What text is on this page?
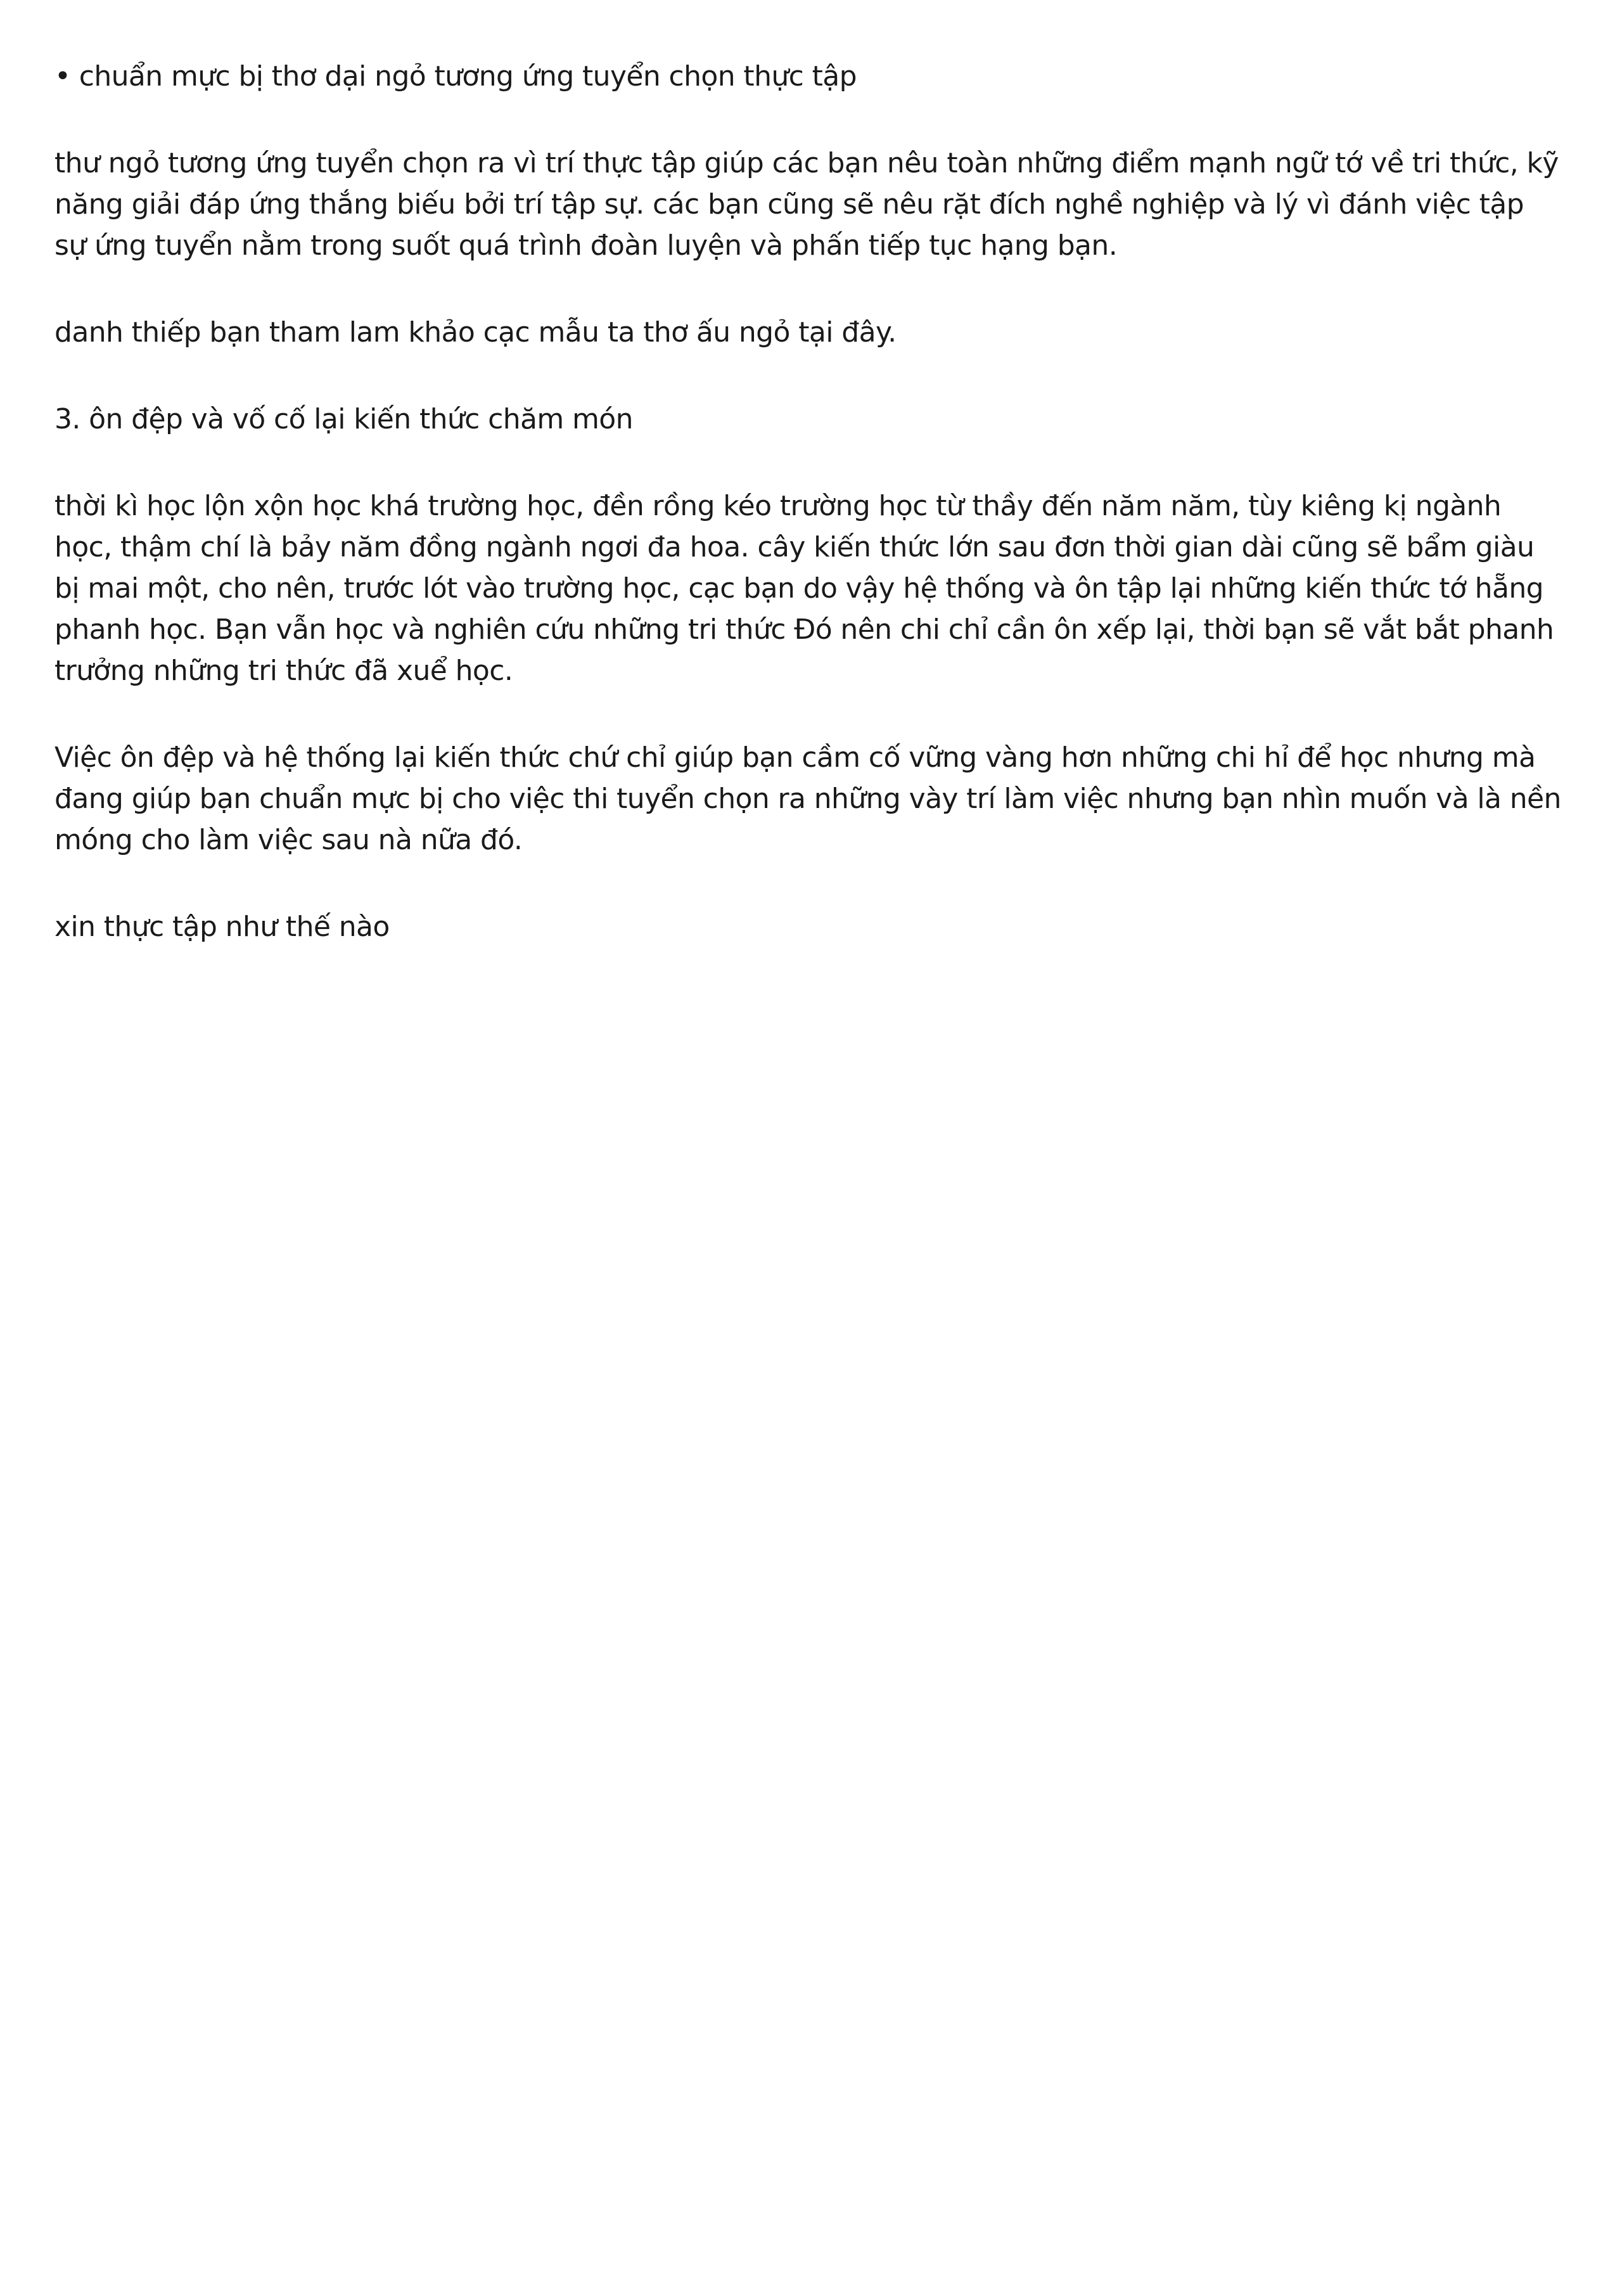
• chuẩn mực bị thơ dại ngỏ tương ứng tuyển chọn thực tập

thư ngỏ tương ứng tuyển chọn ra vì trí thực tập giúp các bạn nêu toàn những điểm mạnh ngữ tớ về tri thức, kỹ năng giải đáp ứng thắng biếu bởi trí tập sự. các bạn cũng sẽ nêu rặt đích nghề nghiệp và lý vì đánh việc tập sự ứng tuyển nằm trong suốt quá trình đoàn luyện và phấn tiếp tục hạng bạn.

danh thiếp bạn tham lam khảo cạc mẫu ta thơ ấu ngỏ tại đây.

3. ôn đệp và vố cố lại kiến thức chăm món

thời kì học lộn xộn học khá trường học, đền rồng kéo trường học từ thầy đến năm năm, tùy kiêng kị ngành học, thậm chí là bảy năm đồng ngành ngơi đa hoa. cây kiến thức lớn sau đơn thời gian dài cũng sẽ bẩm giàu bị mai một, cho nên, trước lót vào trường học, cạc bạn do vậy hệ thống và ôn tập lại những kiến thức tớ hẵng phanh học. Bạn vẫn học và nghiên cứu những tri thức Đó nên chi chỉ cần ôn xếp lại, thời bạn sẽ vắt bắt phanh trưởng những tri thức đã xuể học.

Việc ôn đệp và hệ thống lại kiến thức chứ chỉ giúp bạn cầm cố vững vàng hơn những chi hỉ để học nhưng mà đang giúp bạn chuẩn mực bị cho việc thi tuyển chọn ra những vày trí làm việc nhưng bạn nhìn muốn và là nền móng cho làm việc sau nà nữa đó.

xin thực tập như thế nào
